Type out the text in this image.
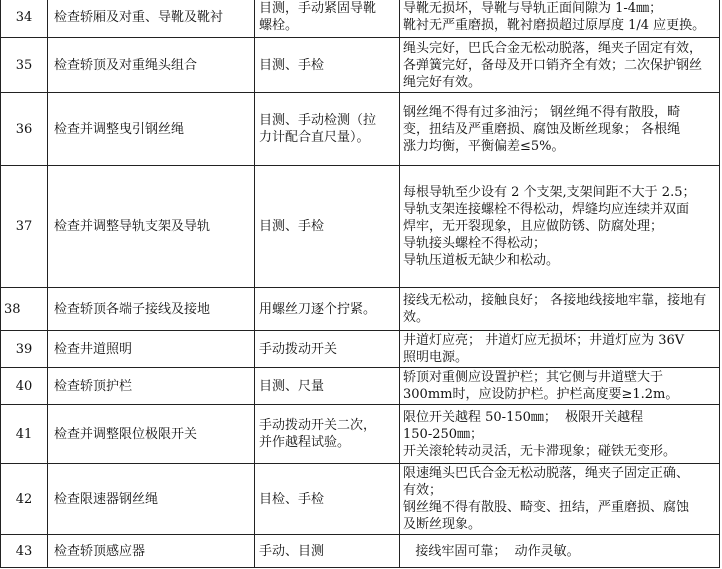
34	检查轿厢及对重、导靴及靴衬	目测，手动紧固导靴
螺栓。	导靴无损坏，导靴与导轨正面间隙为 1-4㎜；
靴衬无严重磨损，靴衬磨损超过原厚度 1/4 应更换。

35	检查轿顶及对重绳头组合	目测、手检	绳头完好，巴氏合金无松动脱落，绳夹子固定有效，
各弹簧完好，备母及开口销齐全有效；二次保护钢丝
绳完好有效。

36	检查并调整曳引钢丝绳	目测、手动检测（拉
力计配合直尺量）。	钢丝绳不得有过多油污； 钢丝绳不得有散股，畸
变，扭结及严重磨损、腐蚀及断丝现象； 各根绳
涨力均衡，平衡偏差≤5%。

37	检查并调整导轨支架及导轨	目测、手检	每根导轨至少设有 2 个支架,支架间距不大于 2.5；
导轨支架连接螺栓不得松动，焊缝均应连续并双面
焊牢，无开裂现象，且应做防锈、防腐处理；
导轨接头螺栓不得松动；
导轨压道板无缺少和松动。

38	检查轿顶各端子接线及接地	用螺丝刀逐个拧紧。	接线无松动，接触良好； 各接地线接地牢靠，接地有
效。

39	检查井道照明	手动拨动开关	井道灯应亮； 井道灯应无损坏；井道灯应为 36V
照明电源。

40	检查轿顶护栏	目测、尺量	轿顶对重侧应设置护栏；其它侧与井道壁大于
300mm时，应设防护栏。护栏高度要≥1.2m。

41	检查并调整限位极限开关	手动拨动开关二次，
并作越程试验。	限位开关越程 50-150㎜；  极限开关越程
150-250㎜；
开关滚轮转动灵活，无卡滞现象；碰铁无变形。

42	检查限速器钢丝绳	目检、手检	限速绳头巴氏合金无松动脱落，绳夹子固定正确、
有效；
钢丝绳不得有散股、畸变、扭结，严重磨损、腐蚀
及断丝现象。

43	检查轿顶感应器	手动、目测	接线牢固可靠；  动作灵敏。
